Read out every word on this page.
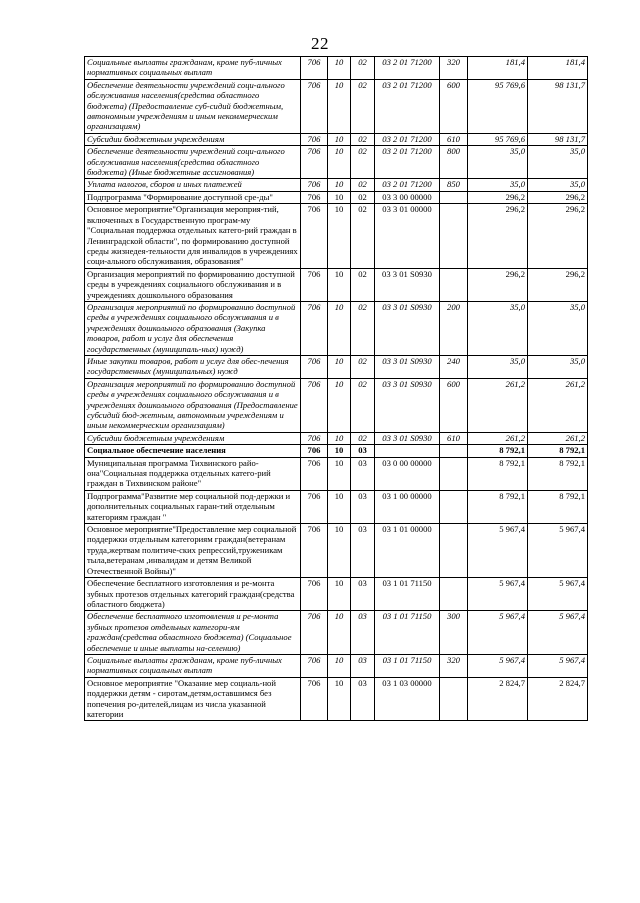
22
Социальные выплаты гражданам, кроме пуб-личных нормативных социальных выплат	706	10	02	03 2 01 71200	320	181,4	181,4
Обеспечение деятельности учреждений соци-ального обслуживания населения(средства областного бюджета) (Предоставление суб-сидий бюджетным, автономным учреждениям и иным некоммерческим организациям)	706	10	02	03 2 01 71200	600	95 769,6	98 131,7
Субсидии бюджетным учреждениям	706	10	02	03 2 01 71200	610	95 769,6	98 131,7
Обеспечение деятельности учреждений соци-ального обслуживания населения(средства областного бюджета) (Иные бюджетные ассигнования)	706	10	02	03 2 01 71200	800	35,0	35,0
Уплата налогов, сборов и иных платежей	706	10	02	03 2 01 71200	850	35,0	35,0
Подпрограмма "Формирование доступной сре-ды"	706	10	02	03 3 00 00000		296,2	296,2
Основное мероприятие"Организация мероприя-тий, включенных в Государственную програм-му "Социальная поддержка отдельных катего-рий граждан в Ленинградской области", по формированию доступной среды жизнедея-тельности для инвалидов в учреждениях соци-ального обслуживания, образования"	706	10	02	03 3 01 00000		296,2	296,2
Организация мероприятий по формированию доступной среды в учреждениях социального обслуживания и в учреждениях дошкольного образования	706	10	02	03 3 01 S0930		296,2	296,2
Организация мероприятий по формированию доступной среды в учреждениях социального обслуживания и в учреждениях дошкольного образования (Закупка товаров, работ и услуг для обеспечения государственных (муниципаль-ных) нужд)	706	10	02	03 3 01 S0930	200	35,0	35,0
Иные закупки товаров, работ и услуг для обес-печения государственных (муниципальных) нужд	706	10	02	03 3 01 S0930	240	35,0	35,0
Организация мероприятий по формированию доступной среды в учреждениях социального обслуживания и в учреждениях дошкольного образования (Предоставление субсидий бюд-жетным, автономным учреждениям и иным некоммерческим организациям)	706	10	02	03 3 01 S0930	600	261,2	261,2
Субсидии бюджетным учреждениям	706	10	02	03 3 01 S0930	610	261,2	261,2
Социальное обеспечение населения	706	10	03			8 792,1	8 792,1
Муниципальная программа Тихвинского райо-она"Социальная поддержка отдельных катего-рий граждан в Тихвинском районе"	706	10	03	03 0 00 00000		8 792,1	8 792,1
Подпрограмма"Развитие мер социальной под-держки и дополнительных социальных гаран-тий отдельным категориям граждан "	706	10	03	03 1 00 00000		8 792,1	8 792,1
Основное мероприятие"Предоставление мер социальной поддержки отдельным категориям граждан(ветеранам труда,жертвам политиче-ских репрессий,труженикам тыла,ветеранам ,инвалидам и детям Великой Отечественной Войны)"	706	10	03	03 1 01 00000		5 967,4	5 967,4
Обеспечение бесплатного изготовления и ре-монта зубных протезов отдельных категорий граждан(средства областного бюджета)	706	10	03	03 1 01 71150		5 967,4	5 967,4
Обеспечение бесплатного изготовления и ре-монта зубных протезов отдельных категори-ям граждан(средства областного бюджета) (Социальное обеспечение и иные выплаты на-селению)	706	10	03	03 1 01 71150	300	5 967,4	5 967,4
Социальные выплаты гражданам, кроме пуб-личных нормативных социальных выплат	706	10	03	03 1 01 71150	320	5 967,4	5 967,4
Основное мероприятие "Оказание мер социаль-ной поддержки детям - сиротам,детям,оставшимся без попечения ро-дителей,лицам из числа указанной категории	706	10	03	03 1 03 00000		2 824,7	2 824,7
